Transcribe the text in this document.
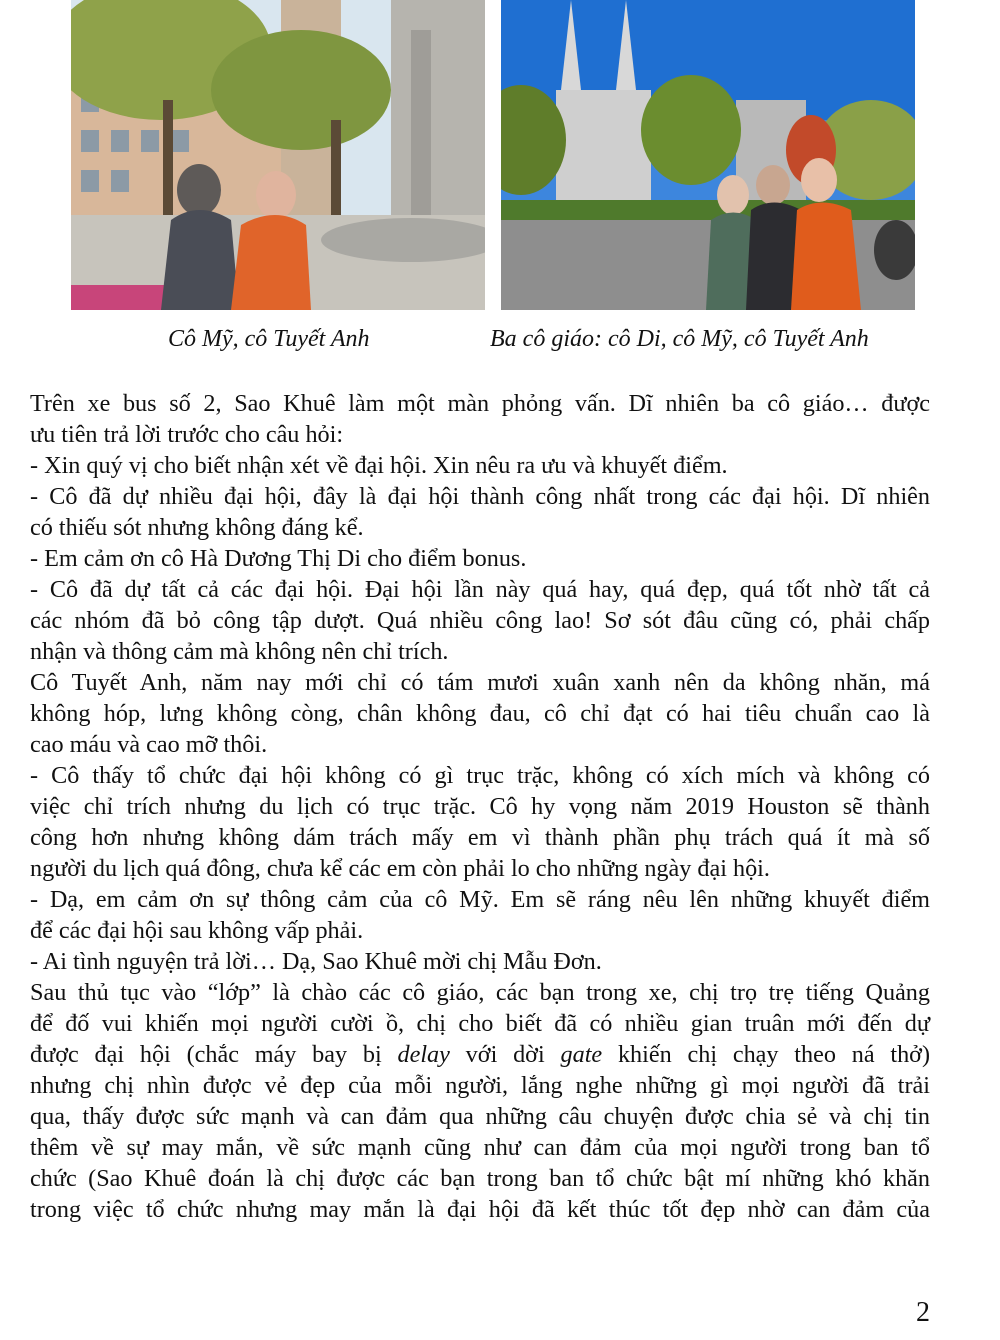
Cô Mỹ, cô Tuyết Anh	Ba cô giáo: cô Di, cô Mỹ, cô Tuyết Anh
Trên xe bus số 2, Sao Khuê làm một màn phỏng vấn. Dĩ nhiên ba cô giáo… được
ưu tiên trả lời trước cho câu hỏi:
- Xin quý vị cho biết nhận xét về đại hội. Xin nêu ra ưu và khuyết điểm.
- Cô đã dự nhiều đại hội, đây là đại hội thành công nhất trong các đại hội. Dĩ nhiên
có thiếu sót nhưng không đáng kể.
- Em cảm ơn cô Hà Dương Thị Di cho điểm bonus.
- Cô đã dự tất cả các đại hội. Đại hội lần này quá hay, quá đẹp, quá tốt nhờ tất cả
các nhóm đã bỏ công tập dượt. Quá nhiều công lao! Sơ sót đâu cũng có, phải chấp
nhận và thông cảm mà không nên chỉ trích.
Cô Tuyết Anh, năm nay mới chỉ có tám mươi xuân xanh nên da không nhăn, má
không hóp, lưng không còng, chân không đau, cô chỉ đạt có hai tiêu chuẩn cao là
cao máu và cao mỡ thôi.
- Cô thấy tổ chức đại hội không có gì trục trặc, không có xích mích và không có
việc chỉ trích nhưng du lịch có trục trặc. Cô hy vọng năm 2019 Houston sẽ thành
công hơn nhưng không dám trách mấy em vì thành phần phụ trách quá ít mà số
người du lịch quá đông, chưa kể các em còn phải lo cho những ngày đại hội.
- Dạ, em cảm ơn sự thông cảm của cô Mỹ. Em sẽ ráng nêu lên những khuyết điểm
để các đại hội sau không vấp phải.
- Ai tình nguyện trả lời… Dạ, Sao Khuê mời chị Mẫu Đơn.
Sau thủ tục vào “lớp” là chào các cô giáo, các bạn trong xe, chị trọ trẹ tiếng Quảng
để đố vui khiến mọi người cười ồ, chị cho biết đã có nhiều gian truân mới đến dự
được đại hội (chắc máy bay bị delay với dời gate khiến chị chạy theo ná thở)
nhưng chị nhìn được vẻ đẹp của mỗi người, lắng nghe những gì mọi người đã trải
qua, thấy được sức mạnh và can đảm qua những câu chuyện được chia sẻ và chị tin
thêm về sự may mắn, về sức mạnh cũng như can đảm của mọi người trong ban tổ
chức (Sao Khuê đoán là chị được các bạn trong ban tổ chức bật mí những khó khăn
trong việc tổ chức nhưng may mắn là đại hội đã kết thúc tốt đẹp nhờ can đảm của
2
